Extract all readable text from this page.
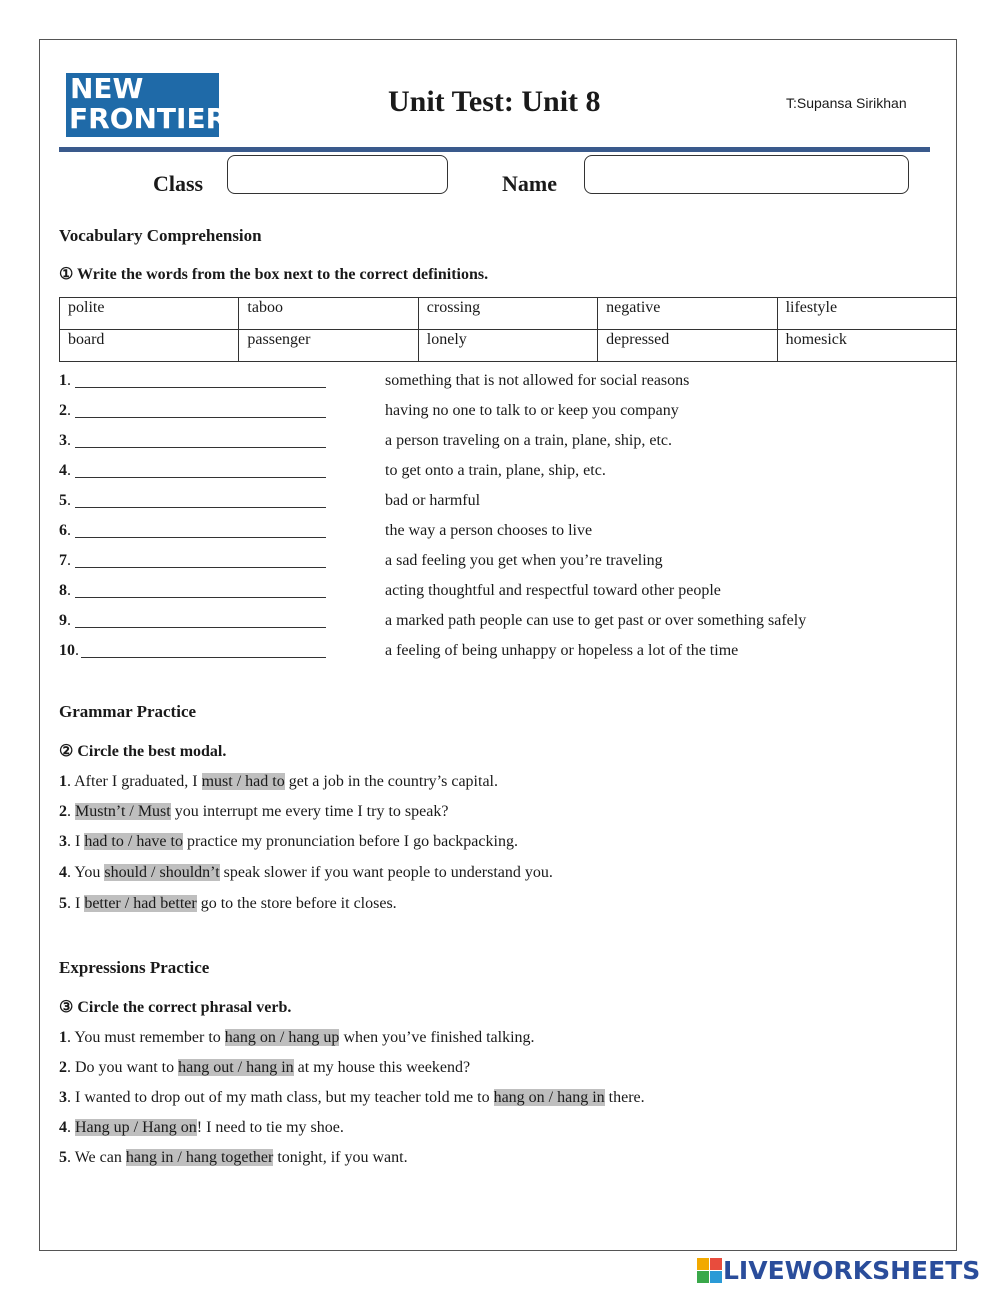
NEW
FRONTIERS
Unit Test: Unit 8	T:Supansa Sirikhan
Class	Name
Vocabulary Comprehension
① Write the words from the box next to the correct definitions.
polite	taboo	crossing	negative	lifestyle
board	passenger	lonely	depressed	homesick
1.	something that is not allowed for social reasons
2.	having no one to talk to or keep you company
3.	a person traveling on a train, plane, ship, etc.
4.	to get onto a train, plane, ship, etc.
5.	bad or harmful
6.	the way a person chooses to live
7.	a sad feeling you get when you’re traveling
8.	acting thoughtful and respectful toward other people
9.	a marked path people can use to get past or over something safely
10.	a feeling of being unhappy or hopeless a lot of the time
Grammar Practice
② Circle the best modal.
1. After I graduated, I must / had to get a job in the country’s capital.
2. Mustn’t / Must you interrupt me every time I try to speak?
3. I had to / have to practice my pronunciation before I go backpacking.
4. You should / shouldn’t speak slower if you want people to understand you.
5. I better / had better go to the store before it closes.
Expressions Practice
③ Circle the correct phrasal verb.
1. You must remember to hang on / hang up when you’ve finished talking.
2. Do you want to hang out / hang in at my house this weekend?
3. I wanted to drop out of my math class, but my teacher told me to hang on / hang in there.
4. Hang up / Hang on! I need to tie my shoe.
5. We can hang in / hang together tonight, if you want.
LIVEWORKSHEETS
